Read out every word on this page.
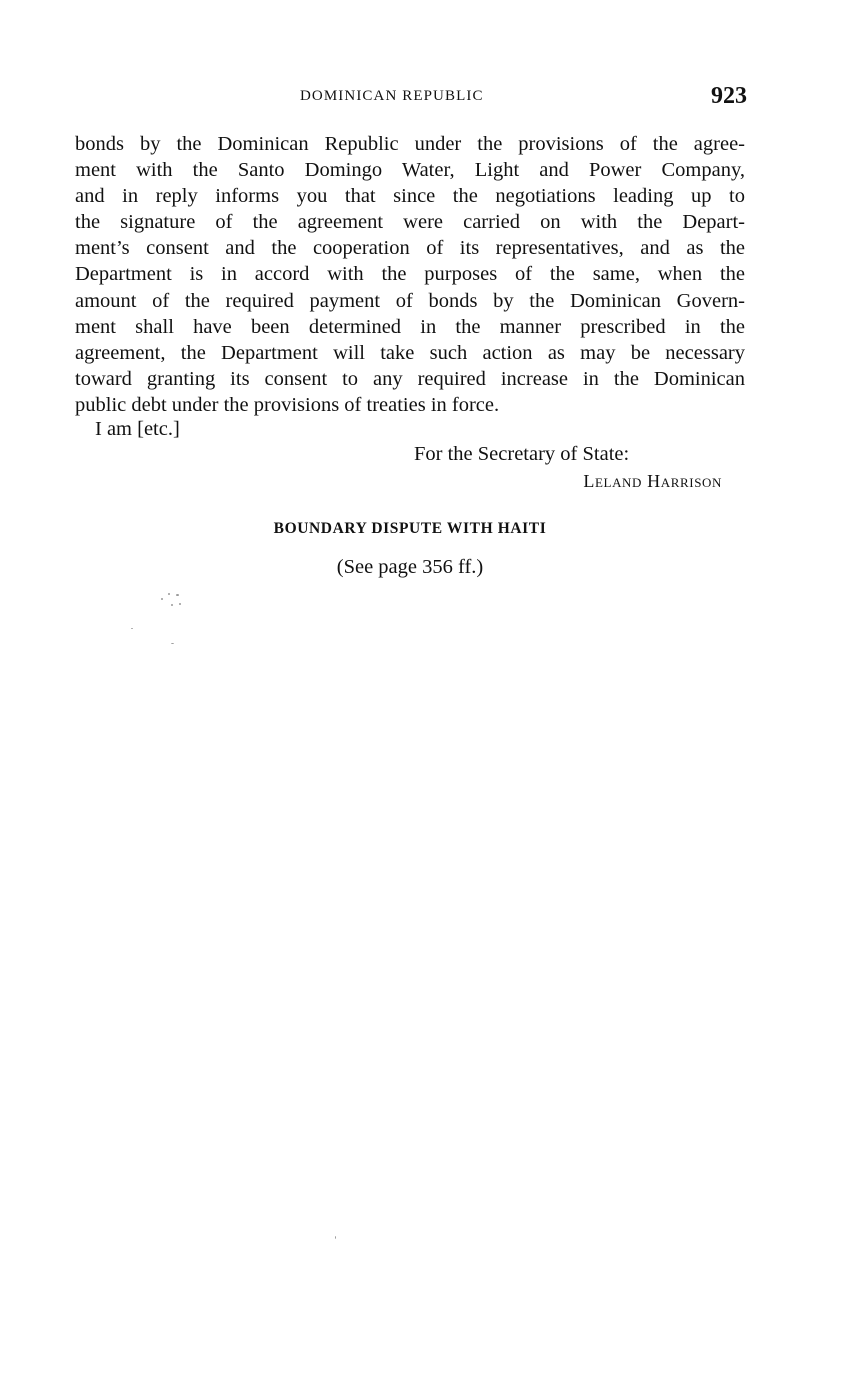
DOMINICAN REPUBLIC	923
bonds by the Dominican Republic under the provisions of the agree-
ment with the Santo Domingo Water, Light and Power Company,
and in reply informs you that since the negotiations leading up to
the signature of the agreement were carried on with the Depart-
ment’s consent and the cooperation of its representatives, and as the
Department is in accord with the purposes of the same, when the
amount of the required payment of bonds by the Dominican Govern-
ment shall have been determined in the manner prescribed in the
agreement, the Department will take such action as may be necessary
toward granting its consent to any required increase in the Dominican
public debt under the provisions of treaties in force.
I am [etc.]
For the Secretary of State:
Leland Harrison
BOUNDARY DISPUTE WITH HAITI
(See page 356 ff.)
